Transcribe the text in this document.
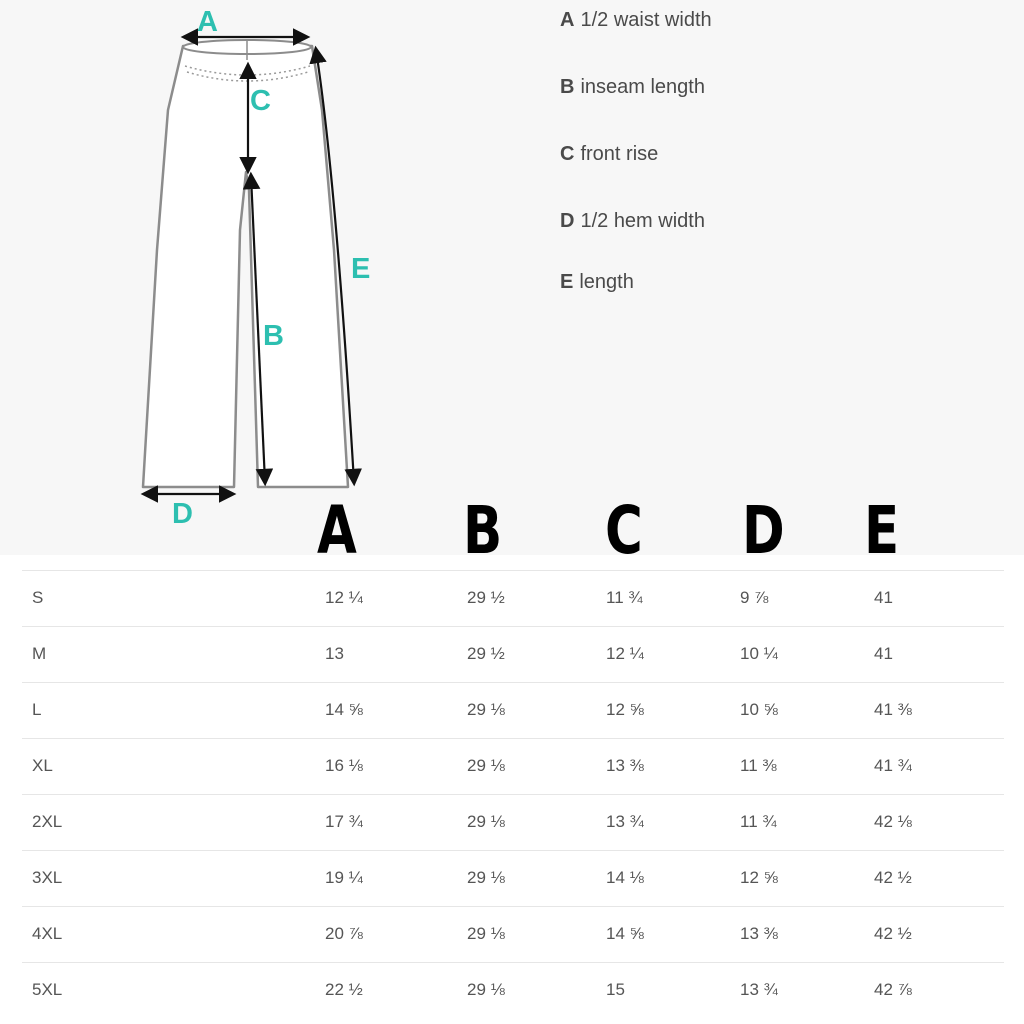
A
C
B
E
D
A 1/2 waist width
B inseam length
C front rise
D 1/2 hem width
E length
A B C D E
S	12 ¼	29 ½	11 ¾	9 ⅞	41
M	13	29 ½	12 ¼	10 ¼	41
L	14 ⅝	29 ⅛	12 ⅝	10 ⅝	41 ⅜
XL	16 ⅛	29 ⅛	13 ⅜	11 ⅜	41 ¾
2XL	17 ¾	29 ⅛	13 ¾	11 ¾	42 ⅛
3XL	19 ¼	29 ⅛	14 ⅛	12 ⅝	42 ½
4XL	20 ⅞	29 ⅛	14 ⅝	13 ⅜	42 ½
5XL	22 ½	29 ⅛	15	13 ¾	42 ⅞
